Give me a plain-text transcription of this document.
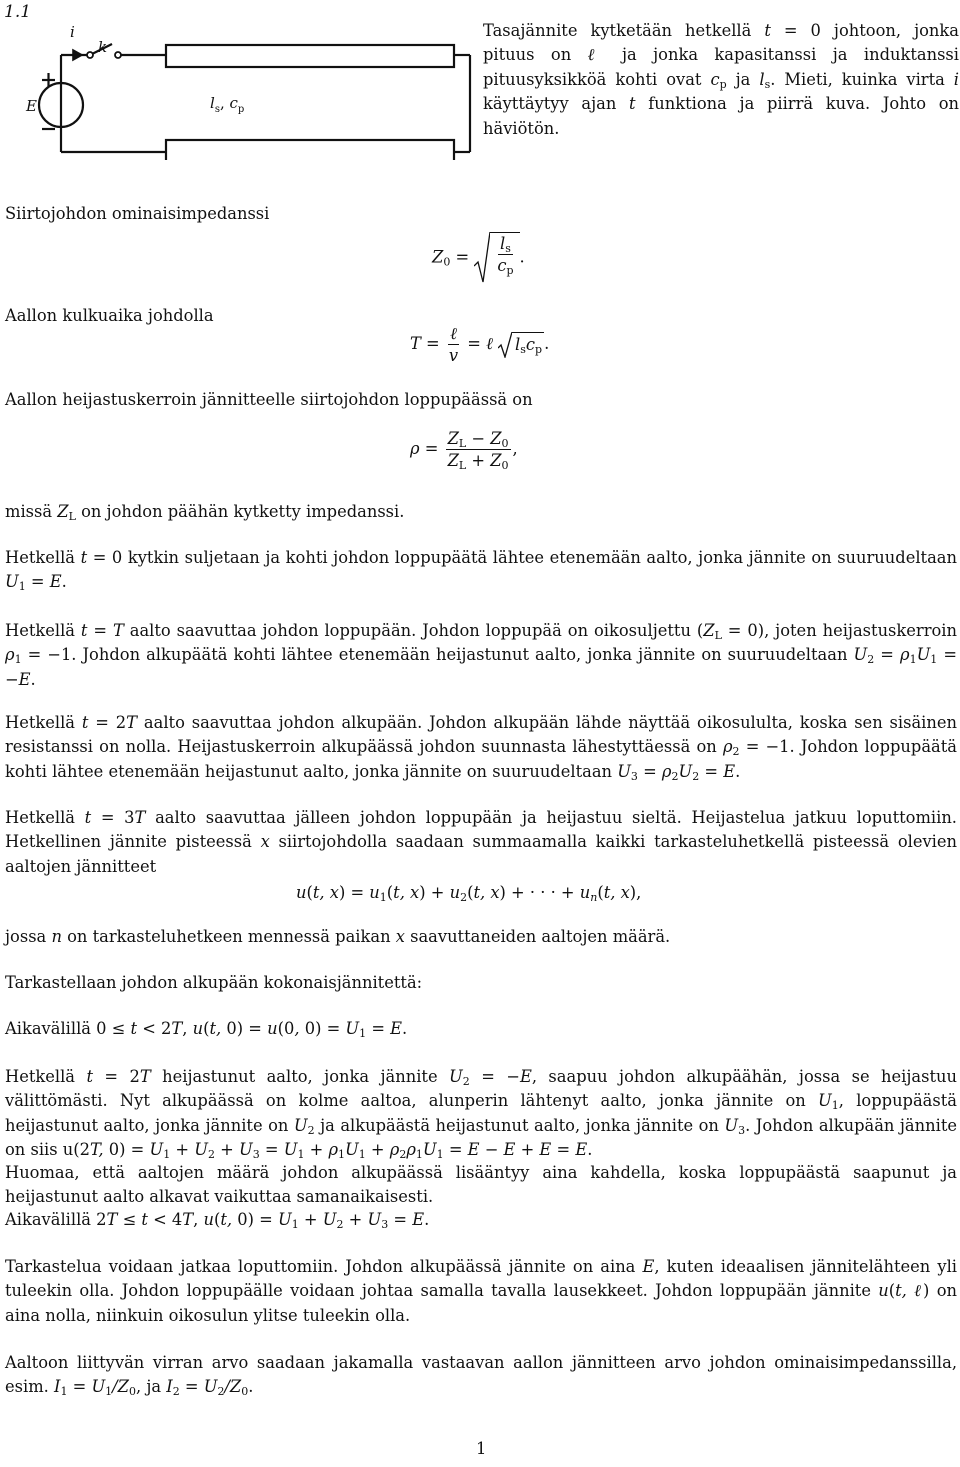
1.1
i
k
E	$l_s$, $c_p$
Tasajännite kytketään hetkellä t = 0 johtoon, jonka pituus on ℓ ja jonka kapasitanssi ja induktanssi pituusyksikköä kohti ovat $c_p$ ja $l_s$. Mieti, kuinka virta i käyttäytyy ajan t funktiona ja piirrä kuva. Johto on häviötön.
Siirtojohdon ominaisimpedanssi
$Z_0 = \frac{l_s}{c_p}$ .
Aallon kulkuaika johdolla
$T = \frac{\text{ℓ}}{v}$ = ℓ $l_sc_p$ .
Aallon heijastuskerroin jännitteelle siirtojohdon loppupäässä on
$\rho = \frac{Z_L - Z_0}{Z_L + Z_0}$ ,
missä $Z_L$ on johdon päähän kytketty impedanssi.

Hetkellä t = 0 kytkin suljetaan ja kohti johdon loppupäätä lähtee etenemään aalto, jonka jännite on suuruudeltaan $U_1 = E$.

Hetkellä t = T aalto saavuttaa johdon loppupään. Johdon loppupää on oikosuljettu $(Z_L = 0)$, joten heijastuskerroin $\rho_1 = -1$. Johdon alkupäätä kohti lähtee etenemään heijastunut aalto, jonka jännite on suuruudeltaan $U_2 = \rho_1U_1 = -E$.

Hetkellä t = 2T aalto saavuttaa johdon alkupään. Johdon alkupään lähde näyttää oikosululta, koska sen sisäinen resistanssi on nolla. Heijastuskerroin alkupäässä johdon suunnasta lähestyttäessä on $\rho_2 = -1$. Johdon loppupäätä kohti lähtee etenemään heijastunut aalto, jonka jännite on suuruudeltaan $U_3 = \rho_2U_2 = E$.

Hetkellä t = 3T aalto saavuttaa jälleen johdon loppupään ja heijastuu sieltä. Heijastelua jatkuu loputtomiin. Hetkellinen jännite pisteessä x siirtojohdolla saadaan summaamalla kaikki tarkasteluhetkellä pisteessä olevien aaltojen jännitteet

u(t, $x) = u_1(t$, $x) + u_2(t$, x) + · · · + $u_n(t$, x),
jossa n on tarkasteluhetkeen mennessä paikan x saavuttaneiden aaltojen määrä.
Tarkastellaan johdon alkupään kokonaisjännitettä:
Aikavälillä 0 ≤ t < 2T, u(t, 0) = u(0, $0) = U_1 = E$.

Hetkellä t = 2T heijastunut aalto, jonka jännite $U_2 = -E$, saapuu johdon alkupäähän, jossa se heijastuu välittömästi. Nyt alkupäässä on kolme aaltoa, alunperin lähtenyt aalto, jonka jännite on $U_1$, loppupäästä heijastunut aalto, jonka jännite on $U_2$ ja alkupäästä heijastunut aalto, jonka jännite on $U_3$. Johdon alkupään jännite on siis u(2T, $0) = U_1 + U_2 + U_3 = U_1 + \rho_1U_1 + \rho_2\rho_1U_1 = E - E + E = E$.

Huomaa, että aaltojen määrä johdon alkupäässä lisääntyy aina kahdella, koska loppupäästä saapunut ja heijastunut aalto alkavat vaikuttaa samanaikaisesti.

Aikavälillä 2T ≤ t < 4T, u(t, $0) = U_1 + U_2 + U_3 = E$.

Tarkastelua voidaan jatkaa loputtomiin. Johdon alkupäässä jännite on aina E, kuten ideaalisen jännitelähteen yli tuleekin olla. Johdon loppupäälle voidaan johtaa samalla tavalla lausekkeet. Johdon loppupään jännite u(t, ℓ) on aina nolla, niinkuin oikosulun ylitse tuleekin olla.

Aaltoon liittyvän virran arvo saadaan jakamalla vastaavan aallon jännitteen arvo johdon ominaisimpedanssilla, esim. $I_1 = U_1/Z_0$, ja $I_2 = U_2/Z_0$.

1
